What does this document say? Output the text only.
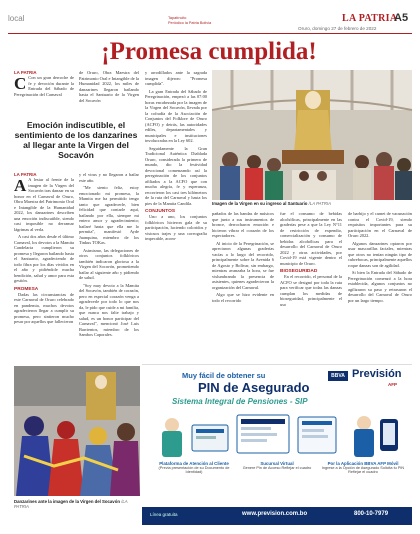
local	Tapatíncito
Periódico la Patria Bolivia	LA PATRIA
A5
Oruro, domingo 27 de febrero de 2022
¡Promesa cumplida!
LA PATRIA
C Con un gran derroche de fe y devoción durante la Entrada del Sábado de Peregrinación del Carnaval
de Oruro, Obra Maestra del Patrimonio Oral e Intangible de la Humanidad 2022, los miles de danzarines llegaron bailando hasta el Santuario de la Virgen del Socavón
Emoción indiscutible, el sentimiento de los danzarines al llegar ante la Virgen del Socavón
LA PATRIA
A A lestar al frente de la imagen de la Virgen del Socavón tras danzar en su honor en el Carnaval de Oruro, Obra Maestra del Patrimonio Oral e Intangible de la Humanidad 2022, los danzarines describen una emoción indiscutible, siendo casi imposible no derramar lágrimas al verla.
A casi dos años desde el último Carnaval, los devotos a la Mamita Candelaria cumplieron su promesa y llegaron bailando hasta el Santuario, agradeciendo de todo fibra por los días vividos en el año y pidiéndole mucha bendición, salud y amor para esta gestión.
PROMESA
Dadas las circunstancias de este Carnaval de Oruro celebrado en pandemia, muchos devotos agradecieron llegar a cumplir su promesa, pero sintieron mucho pesar por aquellos que fallecieron
y el virus y no llegaron a bailar este año.
"Me siento feliz, estoy emocionado mi promesa, la Mamita me ha permitido tengo tanto que agradecerle, bien felicidad que contarle aquí, bailando por ella, siempre mi entero amor y agradecimiento; bailaré hasta que ella me lo permita", manifestó Ayde Juanquina, miembro de los Tinkus TOKas.
Asimismo, las delegaciones de otros conjuntos folklóricos también indicaron gloriosa a la Virgen del Socavón, prometiendo bailar al siguiente año y pidiendo de salud.
"Soy muy devoto a la Mamita del Socavón, también de corazón, pero en especial corazón venga a agradecerle por todo lo que nos da, le pido que cuide a mi familia, que nunca nos falte trabajo y salud, es un honor participar del Carnaval", mencionó José Luis Barrientos, miembro de los Sambos Caporales.
y arrodillados ante la sagrada imagen dijeron: "Promesa cumplida".
La gran Entrada del Sábado de Peregrinación, empezó a las 07:00 horas encabezada por la imagen de la Virgen del Socavón, llevada por la cofradía de la Asociación de Conjuntos del Folklore de Oruro (ACFO) y detrás, las autoridades ediles, departamentales y municipales e instituciones involucradas en la Ley 602.
Seguidamente la Gran Tradicional Auténtica Diablada Oruro, considerada la primera de mundo, dio la festividad devocional comenzando así la peregrinación de los conjuntos afiliados a la ACFO que con mucha alegría, fe y esperanza, recorrieron los casi tres kilómetros de la ruta del Carnaval y hasta los pies de la Mamita Candila.
CONJUNTOS
Uno a uno, los conjuntos folklóricos hicieron gala de su participación, luciendo coloridos y vistosos trajes y una coreografía impecable, acom-
Imagen de la Virgen en su ingreso al Santuario /LA PATRIA
pañados de las bandas de músicos que junto a sus instrumentos de bronce, derrocharon emoción e hicieron vibrar el corazón de los espectadores.
Al inicio de la Peregrinación, se apreciaron algunas graderías vacías a lo largo del recorrido, principalmente sobre la Avenida 6 de Agosto y Bolívar, sin embargo, mientras avanzaba la hora, se fue vislumbrando la presencia de asistentes, quienes agradecieron la organización del Carnaval.
Algo que se hizo evidente en todo el recorrido
fue el consumo de bebidas alcohólicas, principalmente en las graderías pese a que la Ley N°11 de restricción de expendio, comercialización y consumo de bebidas alcohólicas para el desarrollo del Carnaval de Oruro 2022 y otras actividades, por Covid-19 está vigente dentro el municipio de Oruro.
BIOSEGURIDAD
En el recorrido, el personal de la ACFO se designó por toda la ruta para verificar que todas las danzas cumplan los medidas de bioseguridad, principalmente el uso
de barbijo y el carnet de vacunación contra el Covid-19, siendo requisitos importantes para su participación en el Carnaval de Oruro 2022.
Algunos danzarines optaron por usar mascarillas faciales, mientras que otros no tenían ningún tipo de cubrebocas, principalmente aquellos roque danzas son de agilidad.
Si bien la Entrada del Sábado de Peregrinación comenzó a la hora establecida, algunos conjuntos no agilizaron su paso y retrasaron el desarrollo del Carnaval de Oruro por un largo tiempo.
Danzarines ante la imagen de la Virgen del Socavón /LA PATRIA
Muy fácil de obtener su
PIN de Asegurado
Sistema Integral de Pensiones - SIP
BBVA Previsión
AFP
Plataforma de Atención al Cliente
(Previa presentación de su Documento de Identidad)
Sucursal Virtual
Genere Pin de Acceso Reflejar el cuadro
Por la Aplicación BBVA AFP Móvil
Ingrese a la Opción de Asegurado Solicita tu PIN Reflejar el cuadro
Línea gratuita	www.prevision.com.bo	800-10-7979
